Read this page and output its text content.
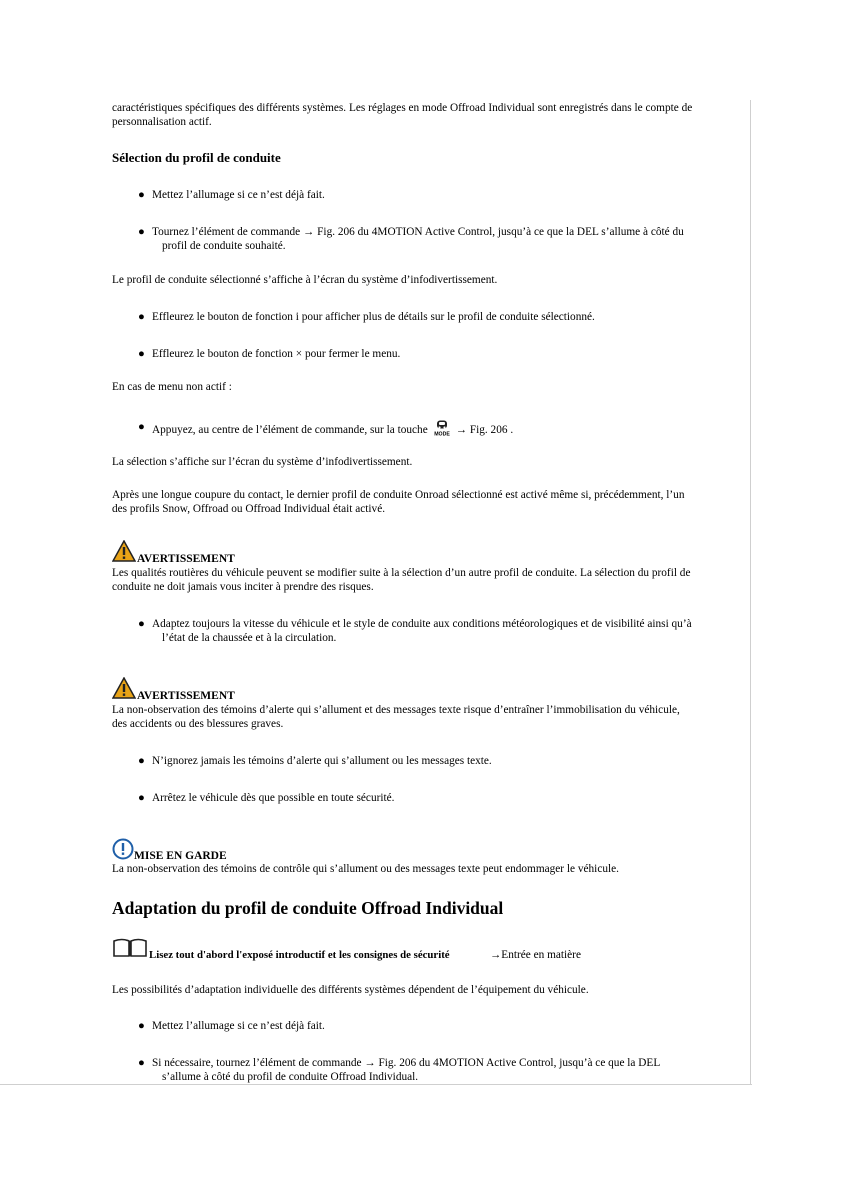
caractéristiques spécifiques des différents systèmes. Les réglages en mode Offroad Individual sont enregistrés dans le compte de
personnalisation actif.
Sélection du profil de conduite
● Mettez l’allumage si ce n’est déjà fait.
● Tournez l’élément de commande → Fig. 206 du 4MOTION Active Control, jusqu’à ce que la DEL s’allume à côté du
profil de conduite souhaité.
Le profil de conduite sélectionné s’affiche à l’écran du système d’infodivertissement.
● Effleurez le bouton de fonction i pour afficher plus de détails sur le profil de conduite sélectionné.
● Effleurez le bouton de fonction × pour fermer le menu.
En cas de menu non actif :
● Appuyez, au centre de l’élément de commande, sur la touche MODE → Fig. 206 .
La sélection s’affiche sur l’écran du système d’infodivertissement.
Après une longue coupure du contact, le dernier profil de conduite Onroad sélectionné est activé même si, précédemment, l’un
des profils Snow, Offroad ou Offroad Individual était activé.
AVERTISSEMENT
Les qualités routières du véhicule peuvent se modifier suite à la sélection d’un autre profil de conduite. La sélection du profil de
conduite ne doit jamais vous inciter à prendre des risques.
● Adaptez toujours la vitesse du véhicule et le style de conduite aux conditions météorologiques et de visibilité ainsi qu’à
l’état de la chaussée et à la circulation.
AVERTISSEMENT
La non-observation des témoins d’alerte qui s’allument et des messages texte risque d’entraîner l’immobilisation du véhicule,
des accidents ou des blessures graves.
● N’ignorez jamais les témoins d’alerte qui s’allument ou les messages texte.
● Arrêtez le véhicule dès que possible en toute sécurité.
MISE EN GARDE
La non-observation des témoins de contrôle qui s’allument ou des messages texte peut endommager le véhicule.
Adaptation du profil de conduite Offroad Individual
Lisez tout d'abord l'exposé introductif et les consignes de sécurité	→Entrée en matière
Les possibilités d’adaptation individuelle des différents systèmes dépendent de l’équipement du véhicule.
● Mettez l’allumage si ce n’est déjà fait.
● Si nécessaire, tournez l’élément de commande → Fig. 206 du 4MOTION Active Control, jusqu’à ce que la DEL
s’allume à côté du profil de conduite Offroad Individual.
